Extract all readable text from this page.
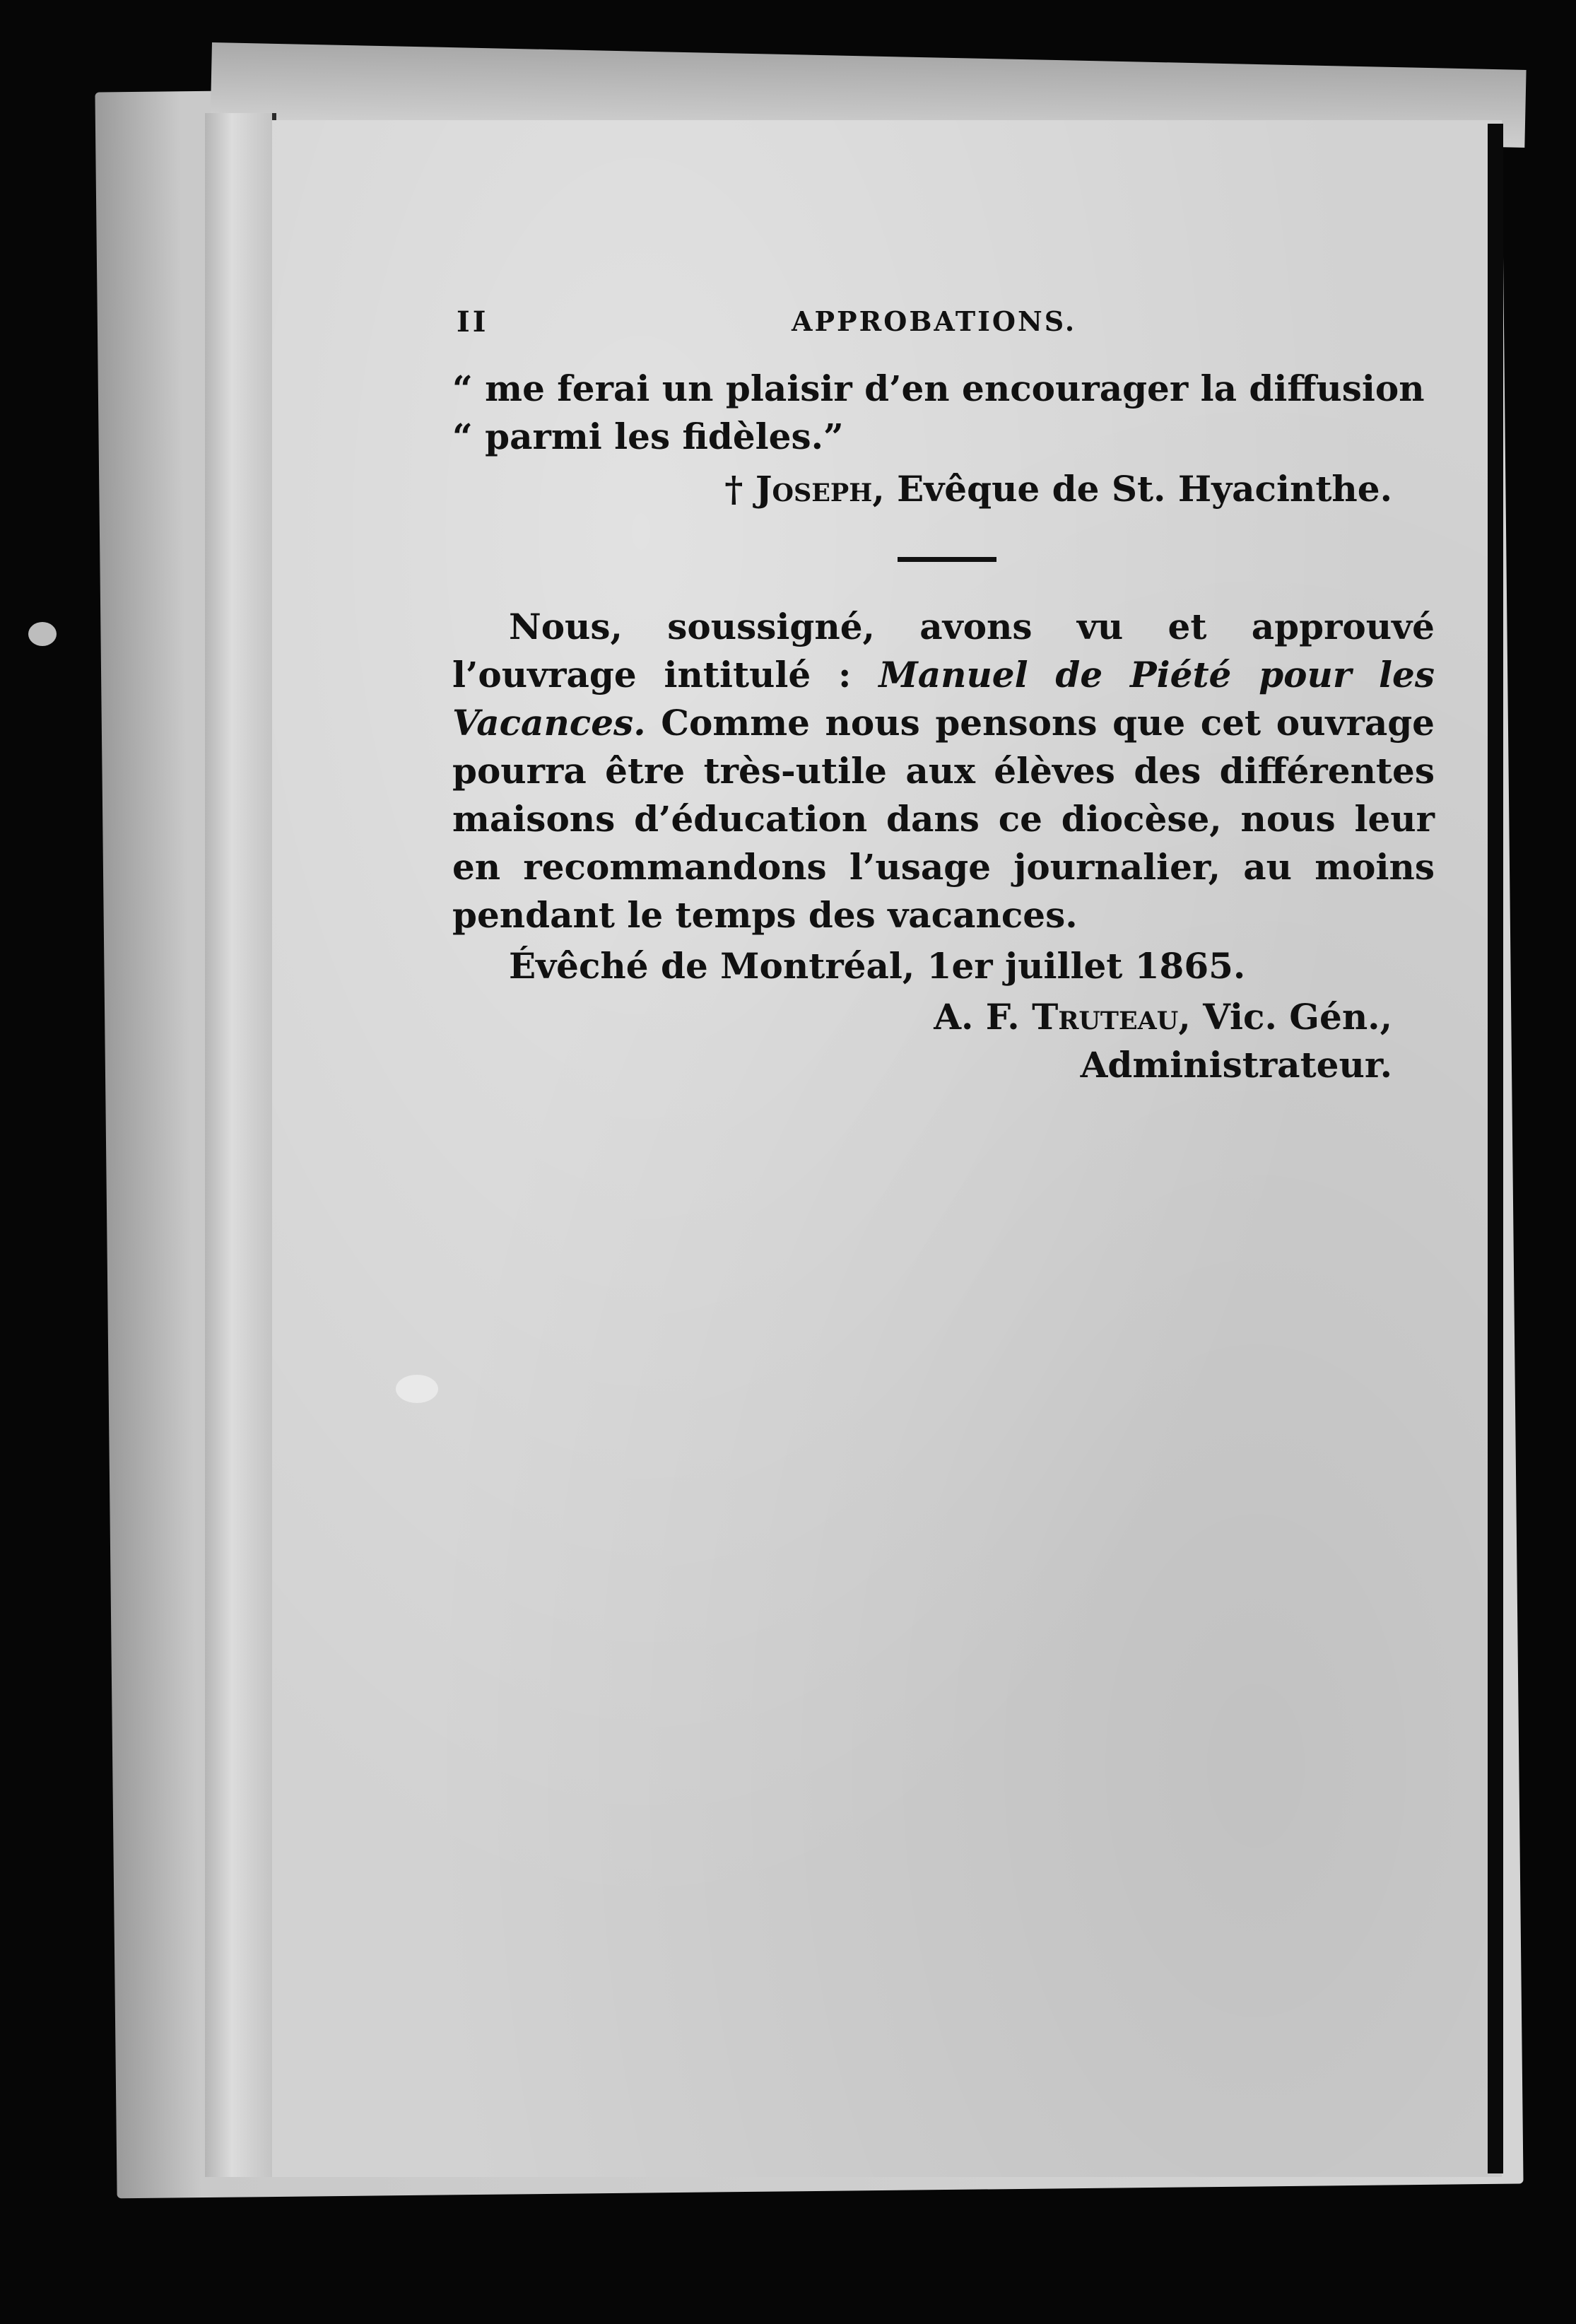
II	APPROBATIONS.
“ me ferai un plaisir d’en encourager la diffusion
“ parmi les fidèles.”
† Joseph, Evêque de St. Hyacinthe.

Nous, soussigné, avons vu et approuvé l’ouvrage intitulé : Manuel de Piété pour les Vacances. Comme nous pensons que cet ouvrage pourra être très-utile aux élèves des différentes maisons d’éducation dans ce diocèse, nous leur en recommandons l’usage journalier, au moins pendant le temps des vacances.

Évêché de Montréal, 1er juillet 1865.
A. F. Truteau, Vic. Gén.,
Administrateur.
